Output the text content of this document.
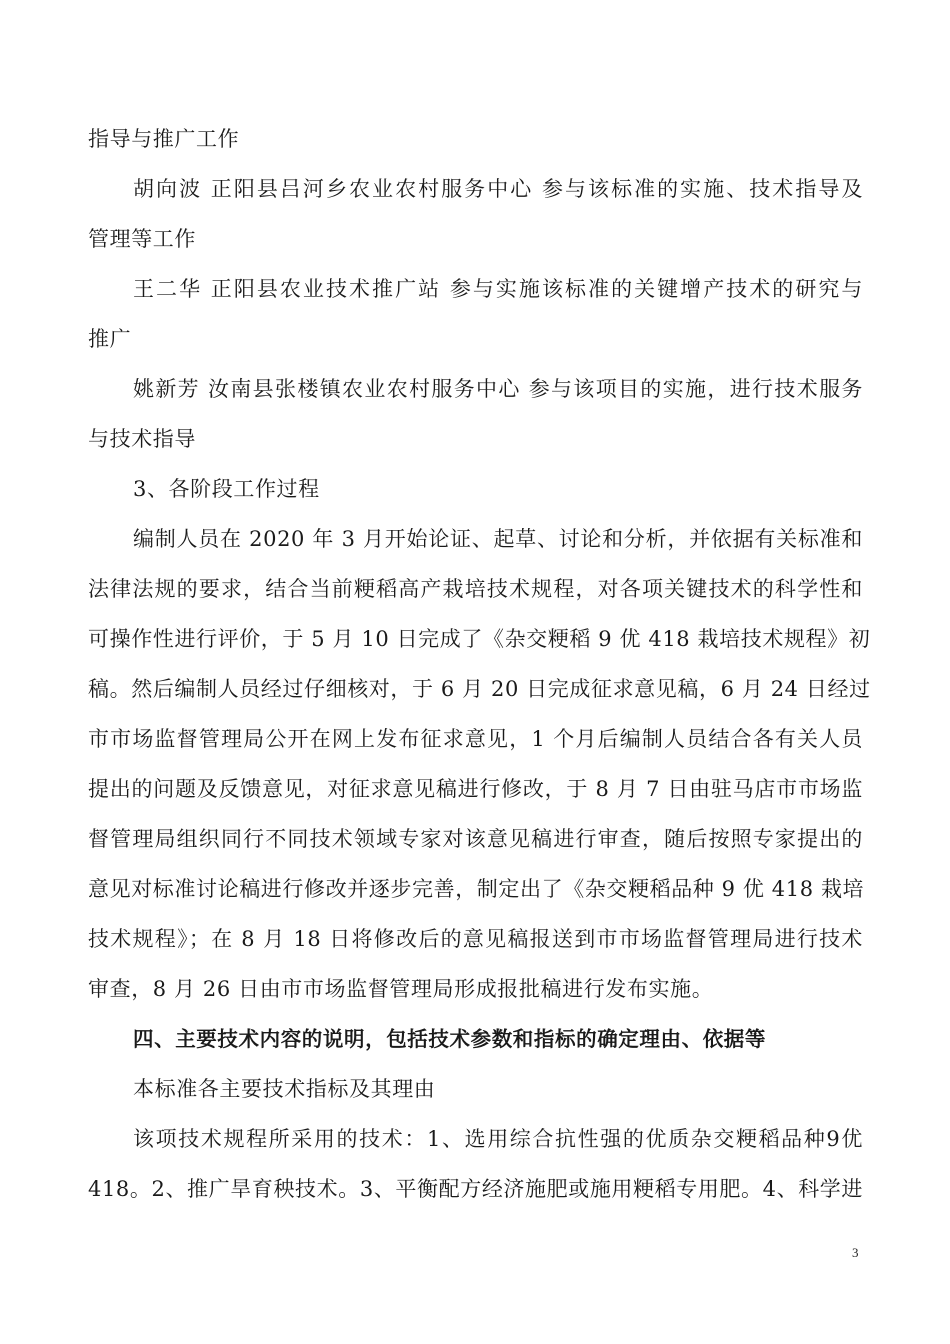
指导与推广工作
胡向波 正阳县吕河乡农业农村服务中心 参与该标准的实施、技术指导及
管理等工作
王二华 正阳县农业技术推广站 参与实施该标准的关键增产技术的研究与
推广
姚新芳 汝南县张楼镇农业农村服务中心 参与该项目的实施，进行技术服务
与技术指导
3、各阶段工作过程
编制人员在 2020 年 3 月开始论证、起草、讨论和分析，并依据有关标准和
法律法规的要求，结合当前粳稻高产栽培技术规程，对各项关键技术的科学性和
可操作性进行评价，于 5 月 10 日完成了《杂交粳稻 9 优 418 栽培技术规程》初
稿。然后编制人员经过仔细核对，于 6 月 20 日完成征求意见稿，6 月 24 日经过
市市场监督管理局公开在网上发布征求意见，1 个月后编制人员结合各有关人员
提出的问题及反馈意见，对征求意见稿进行修改，于 8 月 7 日由驻马店市市场监
督管理局组织同行不同技术领域专家对该意见稿进行审查，随后按照专家提出的
意见对标准讨论稿进行修改并逐步完善，制定出了《杂交粳稻品种 9 优 418 栽培
技术规程》；在 8 月 18 日将修改后的意见稿报送到市市场监督管理局进行技术
审查，8 月 26 日由市市场监督管理局形成报批稿进行发布实施。
四、主要技术内容的说明，包括技术参数和指标的确定理由、依据等
本标准各主要技术指标及其理由
该项技术规程所采用的技术：1、选用综合抗性强的优质杂交粳稻品种9优
418。2、推广旱育秧技术。3、平衡配方经济施肥或施用粳稻专用肥。4、科学进
3
